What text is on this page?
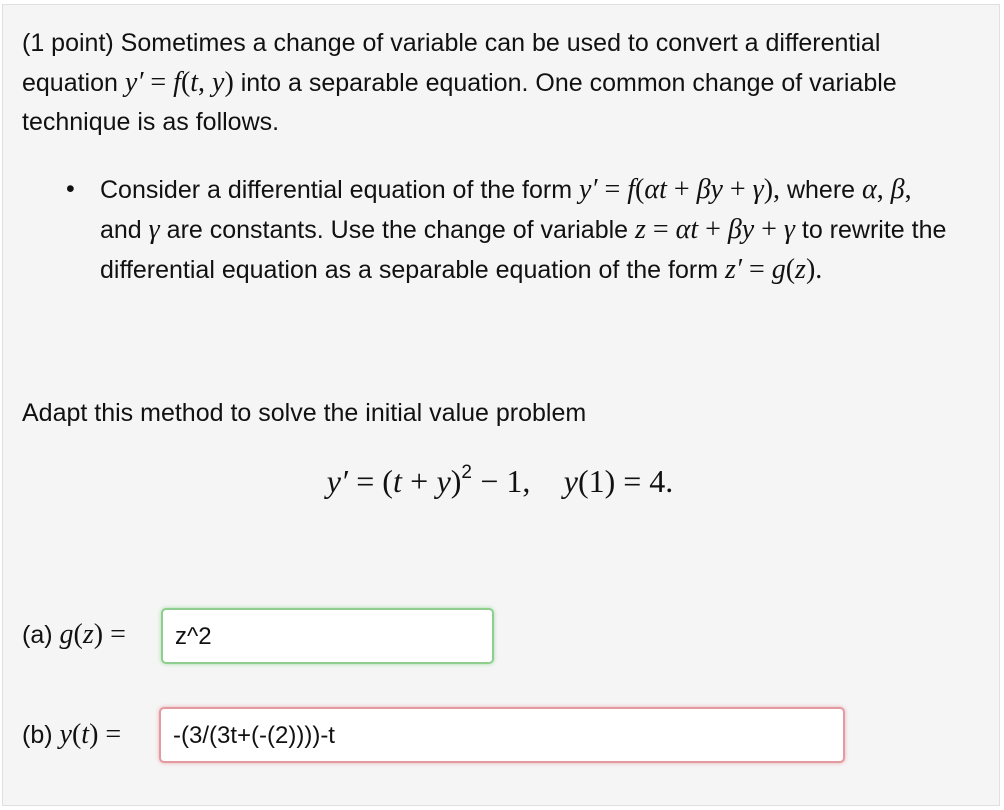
(1 point) Sometimes a change of variable can be used to convert a differential equation y′ = f(t, y) into a separable equation. One common change of variable technique is as follows.

• Consider a differential equation of the form y′ = f(αt + βy + γ), where α, β, and γ are constants. Use the change of variable z = αt + βy + γ to rewrite the differential equation as a separable equation of the form z′ = g(z).

Adapt this method to solve the initial value problem

$y' = (t + y)^2 - 1$, y(1) = 4.
(a)
g ( z ) =	z^2
(b)
y ( t ) =	-(3/(3t+(-(2))))-t
